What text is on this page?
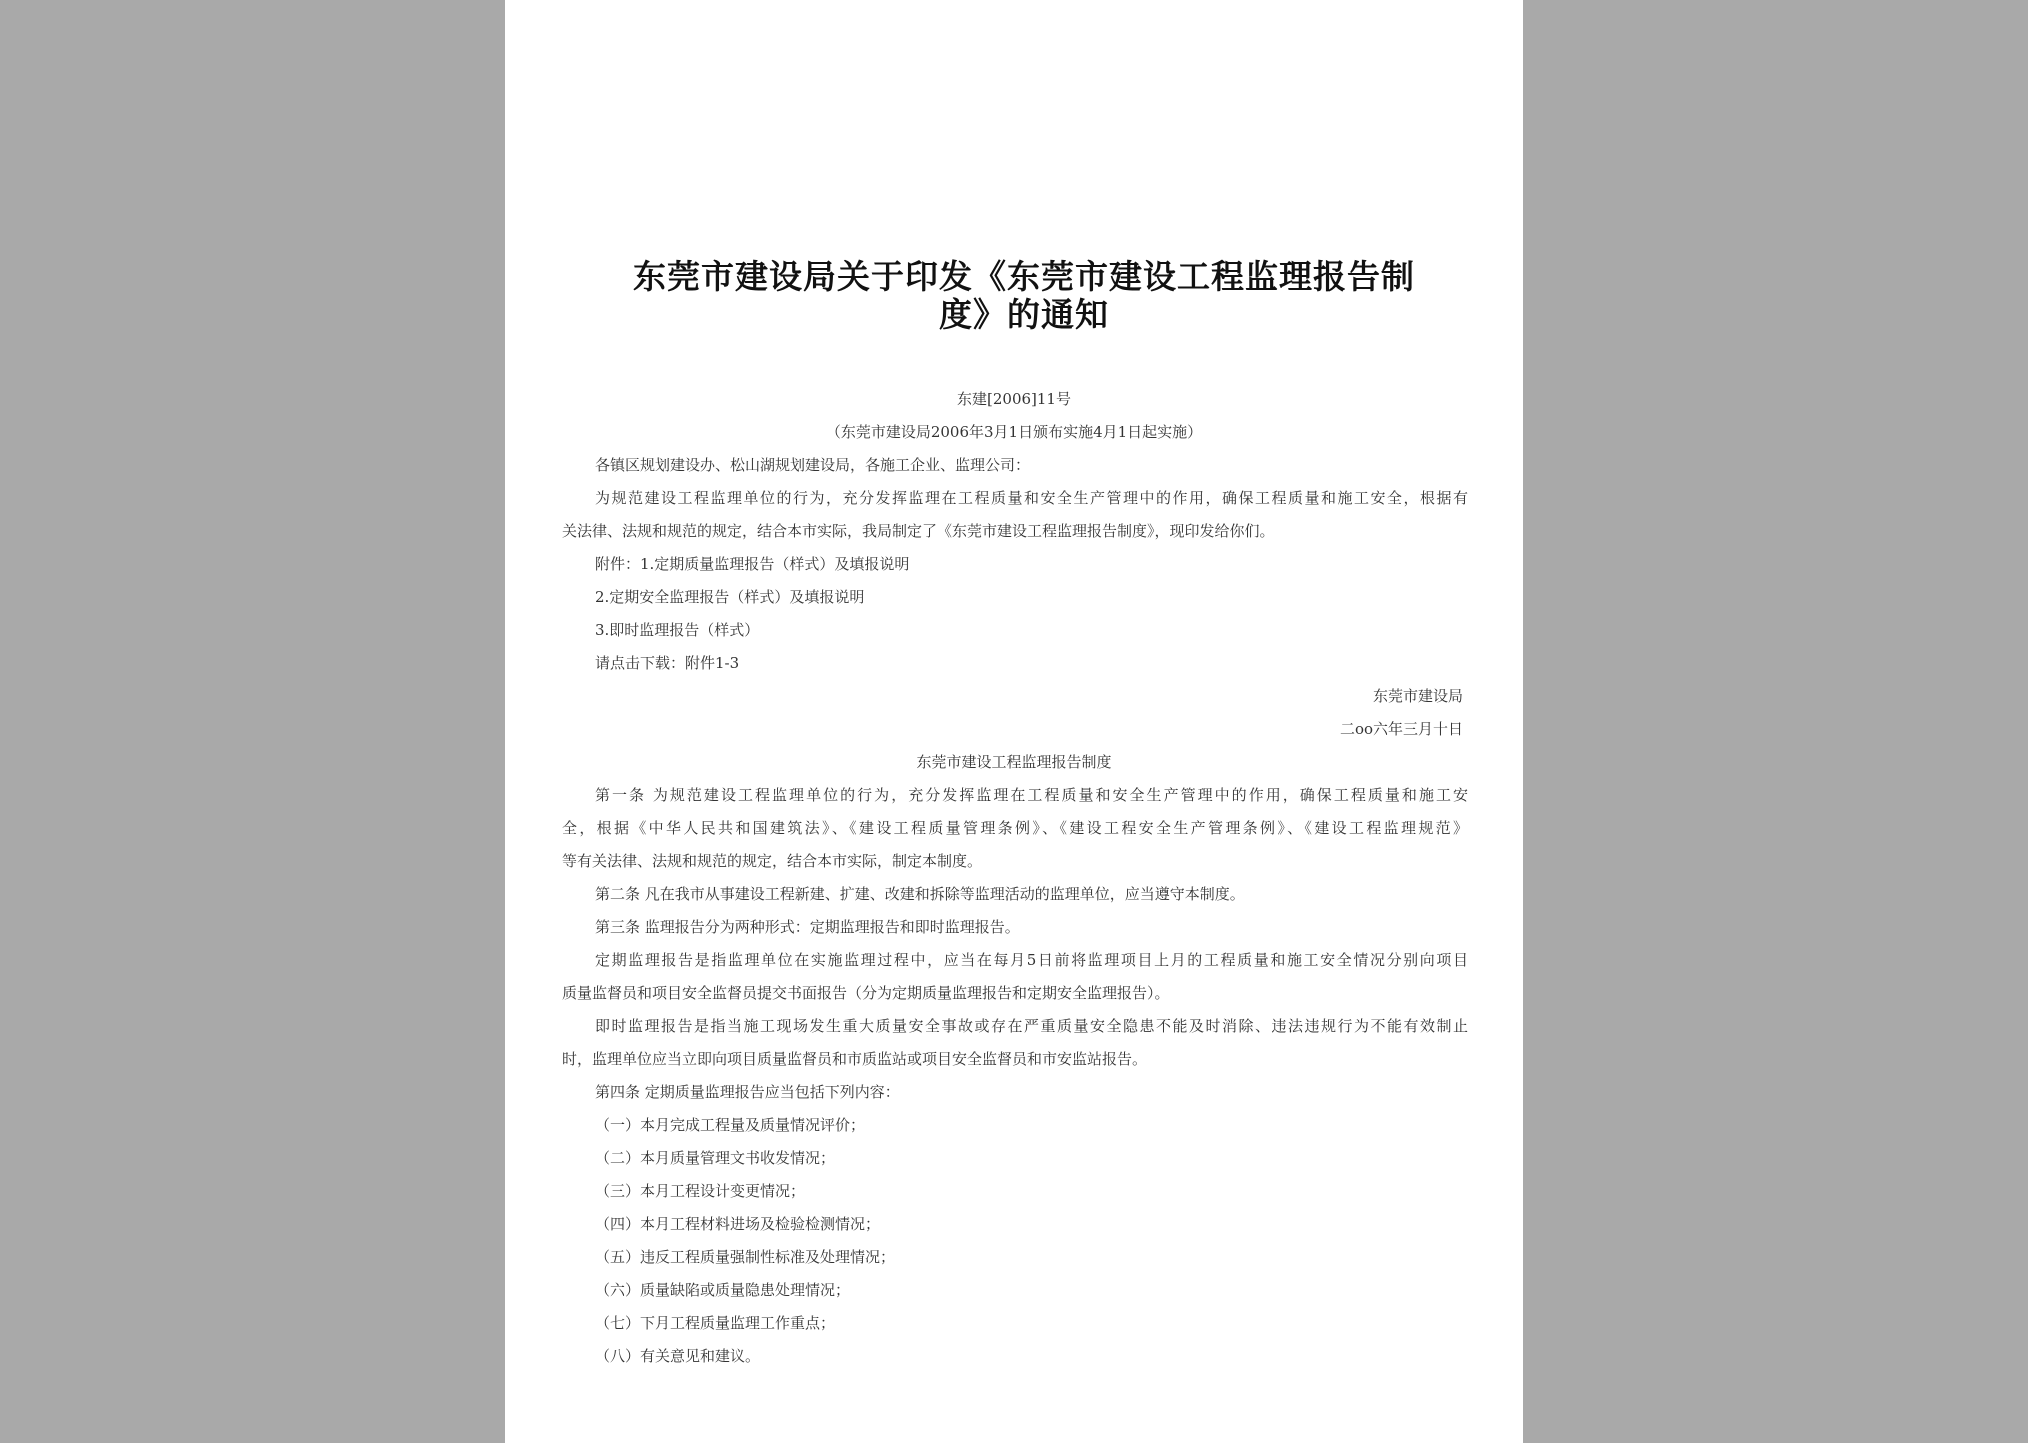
东莞市建设局关于印发《东莞市建设工程监理报告制
度》的通知
东建[2006]11号
（东莞市建设局2006年3月1日颁布实施4月1日起实施）
各镇区规划建设办、松山湖规划建设局，各施工企业、监理公司：
为规范建设工程监理单位的行为，充分发挥监理在工程质量和安全生产管理中的作用，确保工程质量和施工安全，根据有
关法律、法规和规范的规定，结合本市实际，我局制定了《东莞市建设工程监理报告制度》，现印发给你们。
附件：1.定期质量监理报告（样式）及填报说明
2.定期安全监理报告（样式）及填报说明
3.即时监理报告（样式）
请点击下载：附件1-3
东莞市建设局
二oo六年三月十日
东莞市建设工程监理报告制度
第一条 为规范建设工程监理单位的行为，充分发挥监理在工程质量和安全生产管理中的作用，确保工程质量和施工安
全，根据《中华人民共和国建筑法》、《建设工程质量管理条例》、《建设工程安全生产管理条例》、《建设工程监理规范》
等有关法律、法规和规范的规定，结合本市实际，制定本制度。
第二条 凡在我市从事建设工程新建、扩建、改建和拆除等监理活动的监理单位，应当遵守本制度。
第三条 监理报告分为两种形式：定期监理报告和即时监理报告。
定期监理报告是指监理单位在实施监理过程中，应当在每月5日前将监理项目上月的工程质量和施工安全情况分别向项目
质量监督员和项目安全监督员提交书面报告（分为定期质量监理报告和定期安全监理报告）。
即时监理报告是指当施工现场发生重大质量安全事故或存在严重质量安全隐患不能及时消除、违法违规行为不能有效制止
时，监理单位应当立即向项目质量监督员和市质监站或项目安全监督员和市安监站报告。
第四条 定期质量监理报告应当包括下列内容：
（一）本月完成工程量及质量情况评价；
（二）本月质量管理文书收发情况；
（三）本月工程设计变更情况；
（四）本月工程材料进场及检验检测情况；
（五）违反工程质量强制性标准及处理情况；
（六）质量缺陷或质量隐患处理情况；
（七）下月工程质量监理工作重点；
（八）有关意见和建议。
